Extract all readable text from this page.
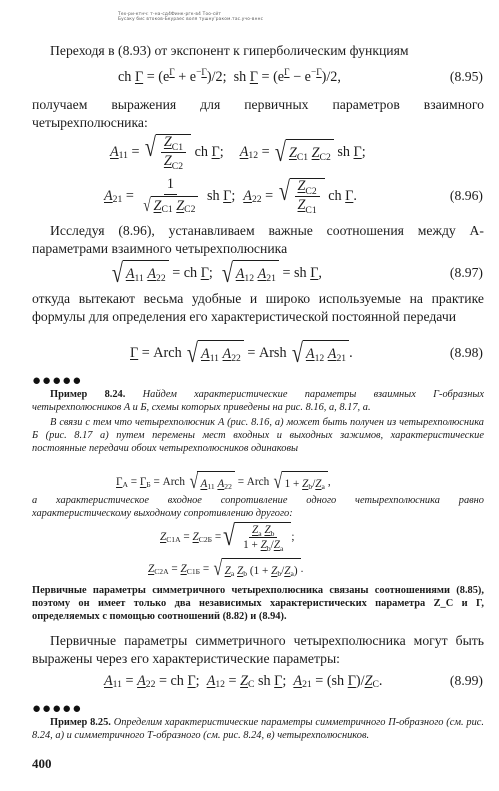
Тех-ри-ктнч: т-на-сд4Финк-ргк-в4 Тоо-сйт
Бусаку бис втоков-Бкураес воля тушну'раком.тас.учо-вннс
Переходя в (8.93) от экспонент к гиперболическим функциям
ch $\Gamma = (e^\Gamma + e^{-\Gamma})/2$;  sh $\Gamma = (e^\Gamma - e^{-\Gamma})/2$,	(8.95)
получаем выражения для первичных параметров взаимного четырехполюсника:
A 11 = √ $\frac{Z_{C1}}{Z_{C2}}$ ch Γ ; A 12 = √ Z C1
Z C2 sh Γ ;
A 21 = 1
√ Z C1
Z C2 sh Γ ; A 22 = √ $\frac{Z_{C2}}{Z_{C1}}$ ch Γ .	(8.96)
Исследуя (8.96), устанавливаем важные соотношения между A-параметрами взаимного четырехполюсника
√ A 11
A 22 = ch Γ ; √ A 12
A 21 = sh Γ ,	(8.97)
откуда вытекают весьма удобные и широко используемые на практике формулы для определения его характеристической постоянной передачи
Γ = Arch √ A 11
A 22 = Arsh √ A 12
A 21 .	(8.98)
●●●●●
Пример 8.24. Найдем характеристические параметры взаимных Г-образных четырехполюсников A и Б, схемы которых приведены на рис. 8.16, а, 8.17, а.
В связи с тем что четырехполюсник A (рис. 8.16, а) может быть получен из четырехполюсника Б (рис. 8.17 а) путем перемены мест входных и выходных зажимов, характеристические постоянные передачи обоих четырехполюсников одинаковы
Γ A = Γ Б = Arch √ A 11
A 22 = Arch √ 1 + Z b / Z a ,
а характеристическое входное сопротивление одного четырехполюсника равно характеристическому выходному сопротивлению другого:
Z C1A = Z C2Б = √ $\frac{Z_a Z_b}{1 + Z_b/Z_a}$ ;
Z C2A = Z C1Б = √ Z a
Z b (1 + Z b / Z a ) .
Первичные параметры симметричного четырехполюсника связаны соотношениями (8.85), поэтому он имеет только два независимых характеристических параметра Z_C и Γ, определяемых с помощью соотношений (8.82) и (8.94).
Первичные параметры симметричного четырехполюсника могут быть выражены через его характеристические параметры:
A 11 = A 22 = ch Γ ; A 12 = Z C sh Γ ; A 21 = (sh Γ )/ Z C .	(8.99)
●●●●●
Пример 8.25. Определим характеристические параметры симметричного П-образного (см. рис. 8.24, а) и симметричного Т-образного (см. рис. 8.24, в) четырехполюсников.
400
